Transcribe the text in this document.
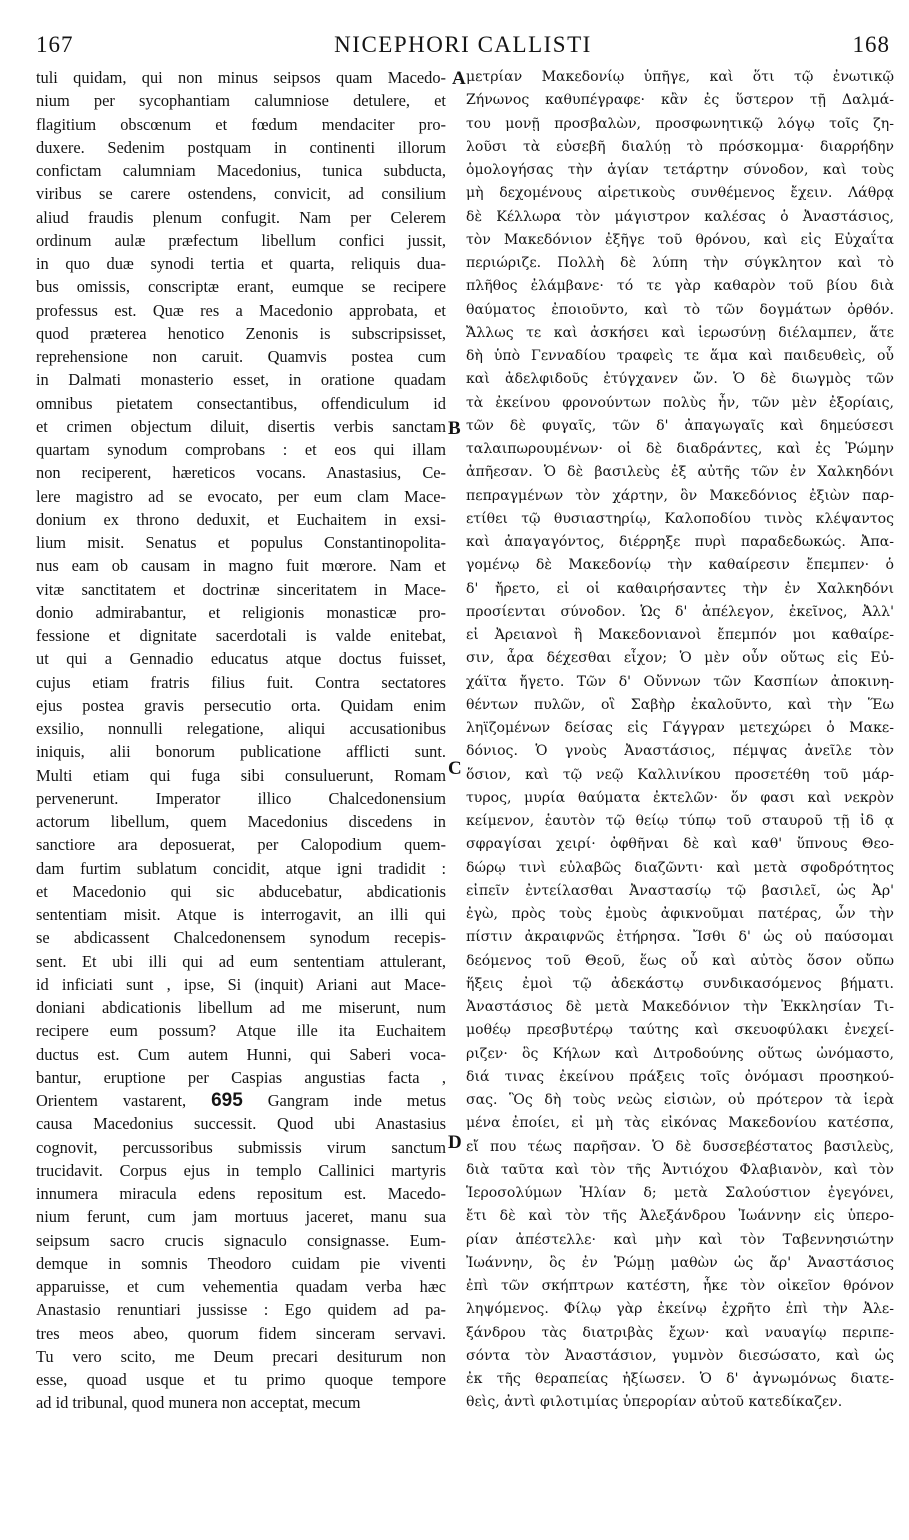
167	NICEPHORI CALLISTI	168
A
B
C
D
tuli quidam, qui non minus seipsos quam Macedo-
nium per sycophantiam calumniose detulere, et
flagitium obscœnum et fœdum mendaciter pro-
duxere. Sedenim postquam in continenti illorum
confictam calumniam Macedonius, tunica subducta,
viribus se carere ostendens, convicit, ad consilium
aliud fraudis plenum confugit. Nam per Celerem
ordinum aulæ præfectum libellum confici jussit,
in quo duæ synodi tertia et quarta, reliquis dua-
bus omissis, conscriptæ erant, eumque se recipere
professus est. Quæ res a Macedonio approbata, et
quod præterea henotico Zenonis is subscripsisset,
reprehensione non caruit. Quamvis postea cum
in Dalmati monasterio esset, in oratione quadam
omnibus pietatem consectantibus, offendiculum id
et crimen objectum diluit, disertis verbis sanctam
quartam synodum comprobans : et eos qui illam
non reciperent, hæreticos vocans. Anastasius, Ce-
lere magistro ad se evocato, per eum clam Mace-
donium ex throno deduxit, et Euchaitem in exsi-
lium misit. Senatus et populus Constantinopolita-
nus eam ob causam in magno fuit mœrore. Nam et
vitæ sanctitatem et doctrinæ sinceritatem in Mace-
donio admirabantur, et religionis monasticæ pro-
fessione et dignitate sacerdotali is valde enitebat,
ut qui a Gennadio educatus atque doctus fuisset,
cujus etiam fratris filius fuit. Contra sectatores
ejus postea gravis persecutio orta. Quidam enim
exsilio, nonnulli relegatione, aliqui accusationibus
iniquis, alii bonorum publicatione afflicti sunt.
Multi etiam qui fuga sibi consuluerunt, Romam
pervenerunt. Imperator illico Chalcedonensium
actorum libellum, quem Macedonius discedens in
sanctiore ara deposuerat, per Calopodium quem-
dam furtim sublatum concidit, atque igni tradidit :
et Macedonio qui sic abducebatur, abdicationis
sententiam misit. Atque is interrogavit, an illi qui
se abdicassent Chalcedonensem synodum recepis-
sent. Et ubi illi qui ad eum sententiam attulerant,
id inficiati sunt , ipse, Si (inquit) Ariani aut Mace-
doniani abdicationis libellum ad me miserunt, num
recipere eum possum? Atque ille ita Euchaitem
ductus est. Cum autem Hunni, qui Saberi voca-
bantur, eruptione per Caspias angustias facta ,
Orientem vastarent, 695 Gangram inde metus
causa Macedonius successit. Quod ubi Anastasius
cognovit, percussoribus submissis virum sanctum
trucidavit. Corpus ejus in templo Callinici martyris
innumera miracula edens repositum est. Macedo-
nium ferunt, cum jam mortuus jaceret, manu sua
seipsum sacro crucis signaculo consignasse. Eum-
demque in somnis Theodoro cuidam pie viventi
apparuisse, et cum vehementia quadam verba hæc
Anastasio renuntiari jussisse : Ego quidem ad pa-
tres meos abeo, quorum fidem sinceram servavi.
Tu vero scito, me Deum precari desiturum non
esse, quoad usque et tu primo quoque tempore
ad id tribunal, quod munera non acceptat, mecum
μετρίαν Μακεδονίῳ ὑπῆγε, καὶ ὅτι τῷ ἐνωτικῷ
Ζήνωνος καθυπέγραφε· κἂν ἐς ὕστερον τῇ Δαλμά-
του μονῇ προσβαλὼν, προσφωνητικῷ λόγῳ τοῖς ζη-
λοῦσι τὰ εὐσεβῆ διαλύῃ τὸ πρόσκομμα· διαρρήδην
ὁμολογήσας τὴν ἁγίαν τετάρτην σύνοδον, καὶ τοὺς
μὴ δεχομένους αἱρετικοὺς συνθέμενος ἔχειν. Λάθρᾳ
δὲ Κέλλωρα τὸν μάγιστρον καλέσας ὁ Ἀναστάσιος,
τὸν Μακεδόνιον ἐξῆγε τοῦ θρόνου, καὶ εἰς Εὐχαΐτα
περιώριζε. Πολλὴ δὲ λύπη τὴν σύγκλητον καὶ τὸ
πλῆθος ἐλάμβανε· τό τε γὰρ καθαρὸν τοῦ βίου διὰ
θαύματος ἐποιοῦντο, καὶ τὸ τῶν δογμάτων ὀρθόν.
Ἄλλως τε καὶ ἀσκήσει καὶ ἱερωσύνῃ διέλαμπεν, ἅτε
δὴ ὑπὸ Γενναδίου τραφεὶς τε ἅμα καὶ παιδευθεὶς, οὗ
καὶ ἀδελφιδοῦς ἐτύγχανεν ὤν. Ὁ δὲ διωγμὸς τῶν
τὰ ἐκείνου φρονούντων πολὺς ἦν, τῶν μὲν ἐξορίαις,
τῶν δὲ φυγαῖς, τῶν δ' ἀπαγωγαῖς καὶ δημεύσεσι
ταλαιπωρουμένων· οἱ δὲ διαδράντες, καὶ ἐς Ῥώμην
ἀπῆεσαν. Ὁ δὲ βασιλεὺς ἐξ αὐτῆς τῶν ἐν Χαλκηδόνι
πεπραγμένων τὸν χάρτην, ὃν Μακεδόνιος ἐξιὼν παρ-
ετίθει τῷ θυσιαστηρίῳ, Καλοποδίου τινὸς κλέψαντος
καὶ ἀπαγαγόντος, διέρρηξε πυρὶ παραδεδωκώς. Ἀπα-
γομένῳ δὲ Μακεδονίῳ τὴν καθαίρεσιν ἔπεμπεν· ὁ
δ' ἤρετο, εἰ οἱ καθαιρήσαντες τὴν ἐν Χαλκηδόνι
προσίενται σύνοδον. Ὡς δ' ἀπέλεγον, ἐκεῖνος, Ἀλλ'
εἰ Ἀρειανοὶ ἢ Μακεδονιανοὶ ἔπεμπόν μοι καθαίρε-
σιν, ἆρα δέχεσθαι εἶχον; Ὁ μὲν οὖν οὕτως εἰς Εὐ-
χάϊτα ἤγετο. Τῶν δ' Οὔννων τῶν Κασπίων ἀποκινη-
θέντων πυλῶν, οἳ Σαβὴρ ἐκαλοῦντο, καὶ τὴν Ἕω
ληϊζομένων δείσας εἰς Γάγγραν μετεχώρει ὁ Μακε-
δόνιος. Ὁ γνοὺς Ἀναστάσιος, πέμψας ἀνεῖλε τὸν
ὅσιον, καὶ τῷ νεῷ Καλλινίκου προσετέθη τοῦ μάρ-
τυρος, μυρία θαύματα ἐκτελῶν· ὅν φασι καὶ νεκρὸν
κείμενον, ἑαυτὸν τῷ θείῳ τύπῳ τοῦ σταυροῦ τῇ ἰδ ᾳ
σφραγίσαι χειρί· ὀφθῆναι δὲ καὶ καθ' ὕπνους Θεο-
δώρῳ τινὶ εὐλαβῶς διαζῶντι· καὶ μετὰ σφοδρότητος
εἰπεῖν ἐντείλασθαι Ἀναστασίῳ τῷ βασιλεῖ, ὡς Ἀρ'
ἐγὼ, πρὸς τοὺς ἐμοὺς ἀφικνοῦμαι πατέρας, ὧν τὴν
πίστιν ἀκραιφνῶς ἐτήρησα. Ἴσθι δ' ὡς οὐ παύσομαι
δεόμενος τοῦ Θεοῦ, ἕως οὗ καὶ αὐτὸς ὅσον οὔπω
ἥξεις ἐμοὶ τῷ ἀδεκάστῳ συνδικασόμενος βήματι.
Ἀναστάσιος δὲ μετὰ Μακεδόνιον τὴν Ἐκκλησίαν Τι-
μοθέῳ πρεσβυτέρῳ ταύτης καὶ σκευοφύλακι ἐνεχεί-
ριζεν· ὃς Κήλων καὶ Διτροδούνης οὕτως ὠνόμαστο,
διά τινας ἐκείνου πράξεις τοῖς ὀνόμασι προσηκού-
σας. Ὃς δὴ τοὺς νεὼς εἰσιὼν, οὐ πρότερον τὰ ἱερὰ
μένα ἐποίει, εἰ μὴ τὰς εἰκόνας Μακεδονίου κατέσπα,
εἴ που τέως παρῆσαν. Ὁ δὲ δυσσεβέστατος βασιλεὺς,
διὰ ταῦτα καὶ τὸν τῆς Ἀντιόχου Φλαβιανὸν, καὶ τὸν
Ἱεροσολύμων Ἠλίαν δ; μετὰ Σαλούστιον ἐγεγόνει,
ἔτι δὲ καὶ τὸν τῆς Ἀλεξάνδρου Ἰωάννην εἰς ὑπερο-
ρίαν ἀπέστελλε· καὶ μὴν καὶ τὸν Ταβεννησιώτην
Ἰωάννην, ὃς ἐν Ῥώμῃ μαθὼν ὡς ἄρ' Ἀναστάσιος
ἐπὶ τῶν σκήπτρων κατέστη, ἧκε τὸν οἰκεῖον θρόνον
ληψόμενος. Φίλῳ γὰρ ἐκείνῳ ἐχρῆτο ἐπὶ τὴν Ἀλε-
ξάνδρου τὰς διατριβὰς ἔχων· καὶ ναυαγίῳ περιπε-
σόντα τὸν Ἀναστάσιον, γυμνὸν διεσώσατο, καὶ ὡς
ἐκ τῆς θεραπείας ἠξίωσεν. Ὁ δ' ἀγνωμόνως διατε-
θεὶς, ἀντὶ φιλοτιμίας ὑπερορίαν αὐτοῦ κατεδίκαζεν.
